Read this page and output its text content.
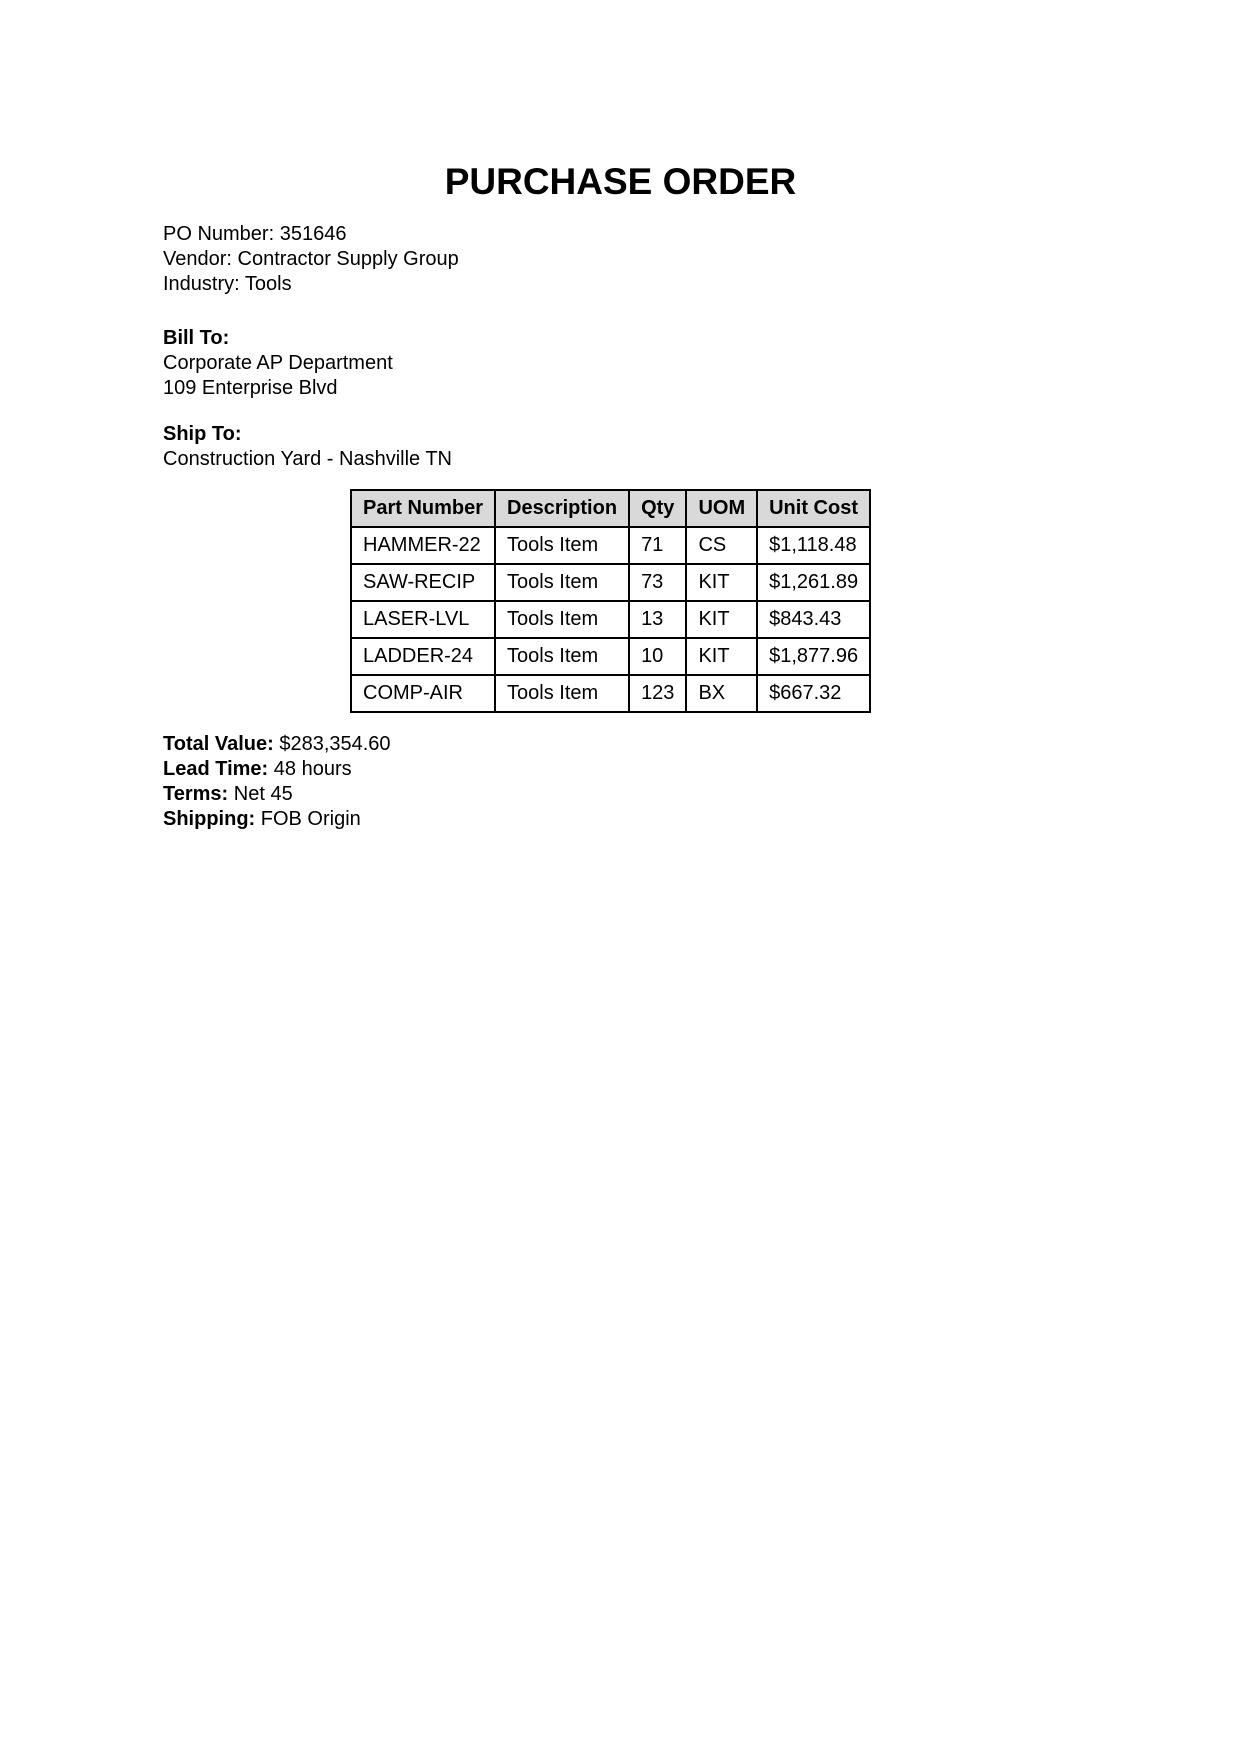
PURCHASE ORDER
PO Number: 351646
Vendor: Contractor Supply Group
Industry: Tools
Bill To:
Corporate AP Department
109 Enterprise Blvd
Ship To:
Construction Yard - Nashville TN
Part Number	Description	Qty	UOM	Unit Cost
HAMMER-22	Tools Item	71	CS	$1,118.48
SAW-RECIP	Tools Item	73	KIT	$1,261.89
LASER-LVL	Tools Item	13	KIT	$843.43
LADDER-24	Tools Item	10	KIT	$1,877.96
COMP-AIR	Tools Item	123	BX	$667.32
Total Value: $283,354.60
Lead Time: 48 hours
Terms: Net 45
Shipping: FOB Origin
